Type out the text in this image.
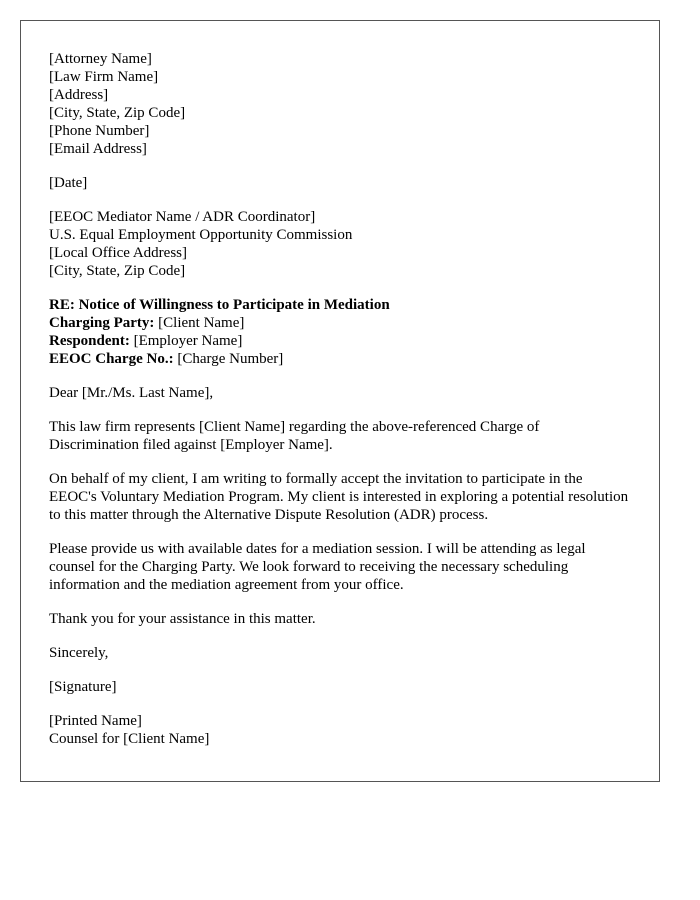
[Attorney Name]
[Law Firm Name]
[Address]
[City, State, Zip Code]
[Phone Number]
[Email Address]
[Date]
[EEOC Mediator Name / ADR Coordinator]
U.S. Equal Employment Opportunity Commission
[Local Office Address]
[City, State, Zip Code]
RE: Notice of Willingness to Participate in Mediation
Charging Party: [Client Name]
Respondent: [Employer Name]
EEOC Charge No.: [Charge Number]

Dear [Mr./Ms. Last Name],

This law firm represents [Client Name] regarding the above-referenced Charge of Discrimination filed against [Employer Name].

On behalf of my client, I am writing to formally accept the invitation to participate in the EEOC's Voluntary Mediation Program. My client is interested in exploring a potential resolution to this matter through the Alternative Dispute Resolution (ADR) process.

Please provide us with available dates for a mediation session. I will be attending as legal counsel for the Charging Party. We look forward to receiving the necessary scheduling information and the mediation agreement from your office.

Thank you for your assistance in this matter.

Sincerely,

[Signature]

[Printed Name]
Counsel for [Client Name]
